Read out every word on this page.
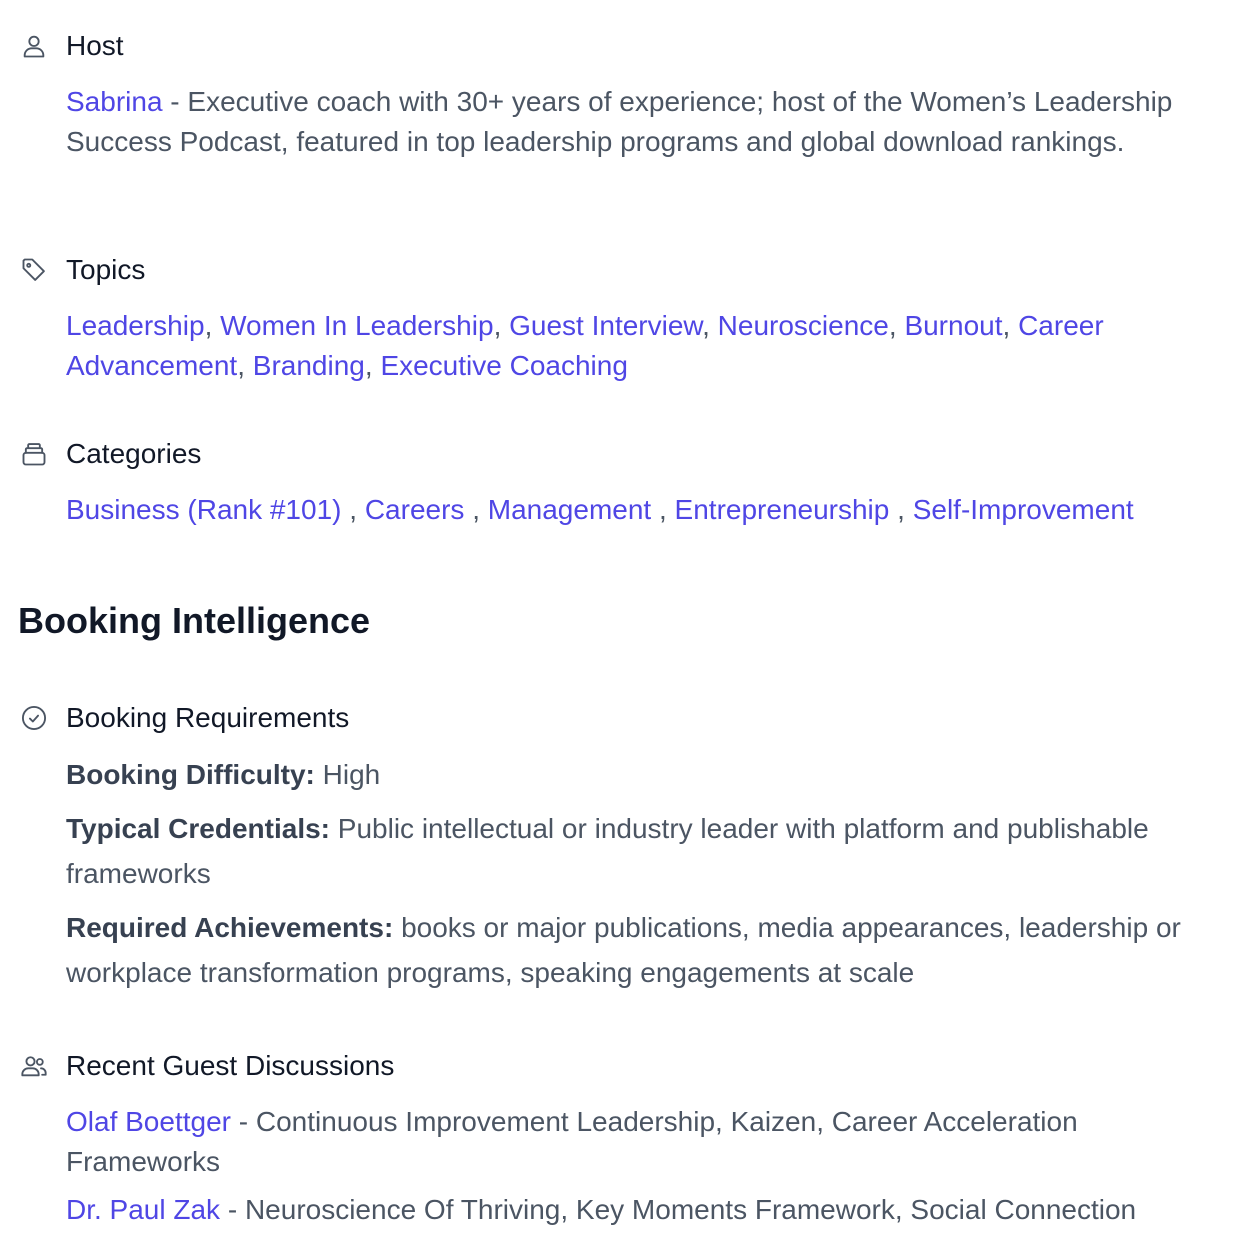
Host
Sabrina - Executive coach with 30+ years of experience; host of the Women’s Leadership Success Podcast, featured in top leadership programs and global download rankings.
Topics
Leadership, Women In Leadership, Guest Interview, Neuroscience, Burnout, Career Advancement, Branding, Executive Coaching
Categories
Business (Rank #101) , Careers , Management , Entrepreneurship , Self-Improvement
Booking Intelligence
Booking Requirements

Booking Difficulty: High

Typical Credentials: Public intellectual or industry leader with platform and publishable frameworks

Required Achievements: books or major publications, media appearances, leadership or workplace transformation programs, speaking engagements at scale

Recent Guest Discussions
Olaf Boettger - Continuous Improvement Leadership, Kaizen, Career Acceleration Frameworks
Dr. Paul Zak - Neuroscience Of Thriving, Key Moments Framework, Social Connection
